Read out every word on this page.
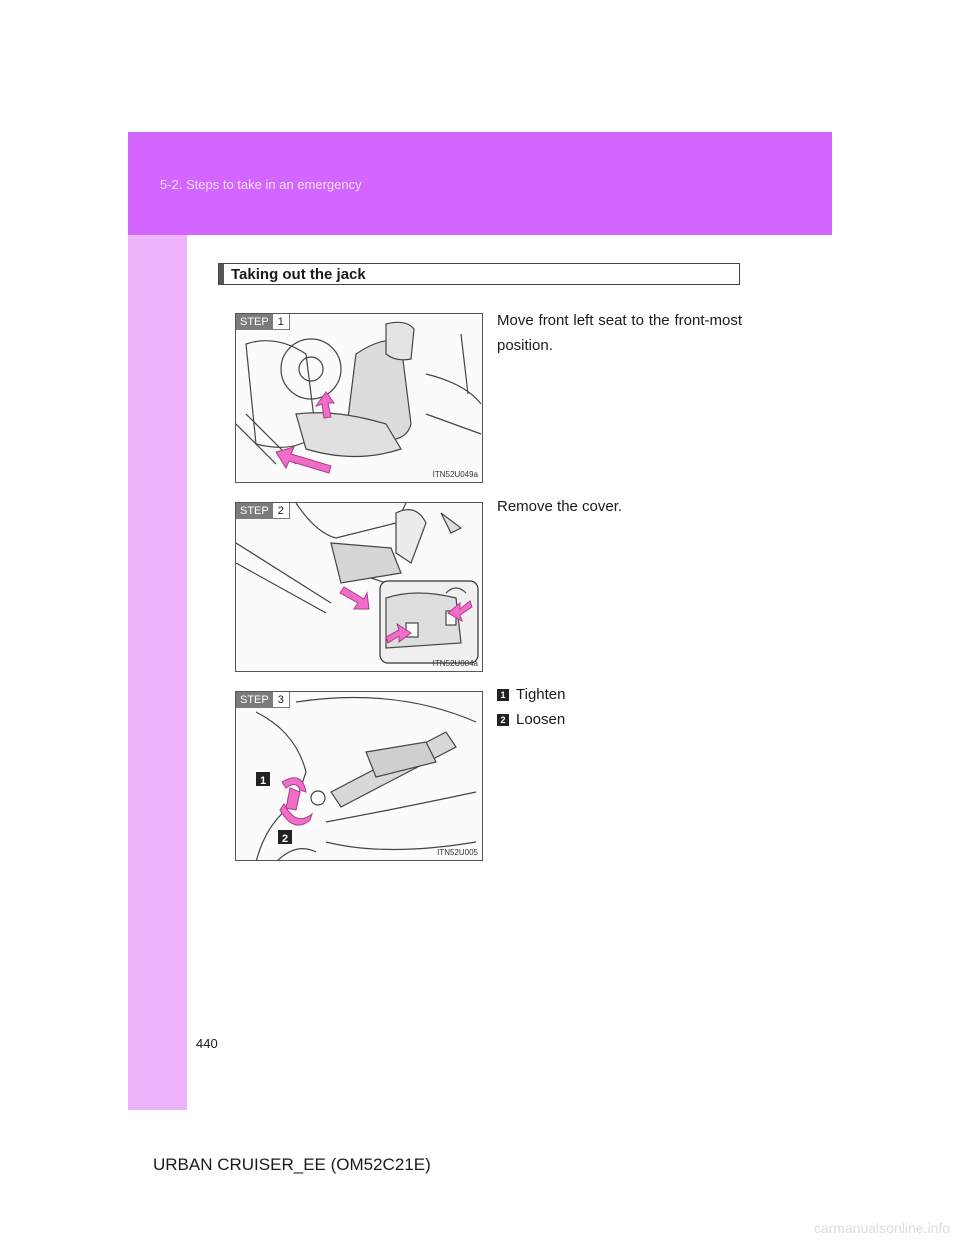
5-2. Steps to take in an emergency
440
Taking out the jack
STEP 1
ITN52U049a
Move front left seat to the front-most position.
STEP 2
ITN52U004a
Remove the cover.
STEP 3
1
2
ITN52U005
1 Tighten
2 Loosen
URBAN CRUISER_EE (OM52C21E)
carmanualsonline.info
